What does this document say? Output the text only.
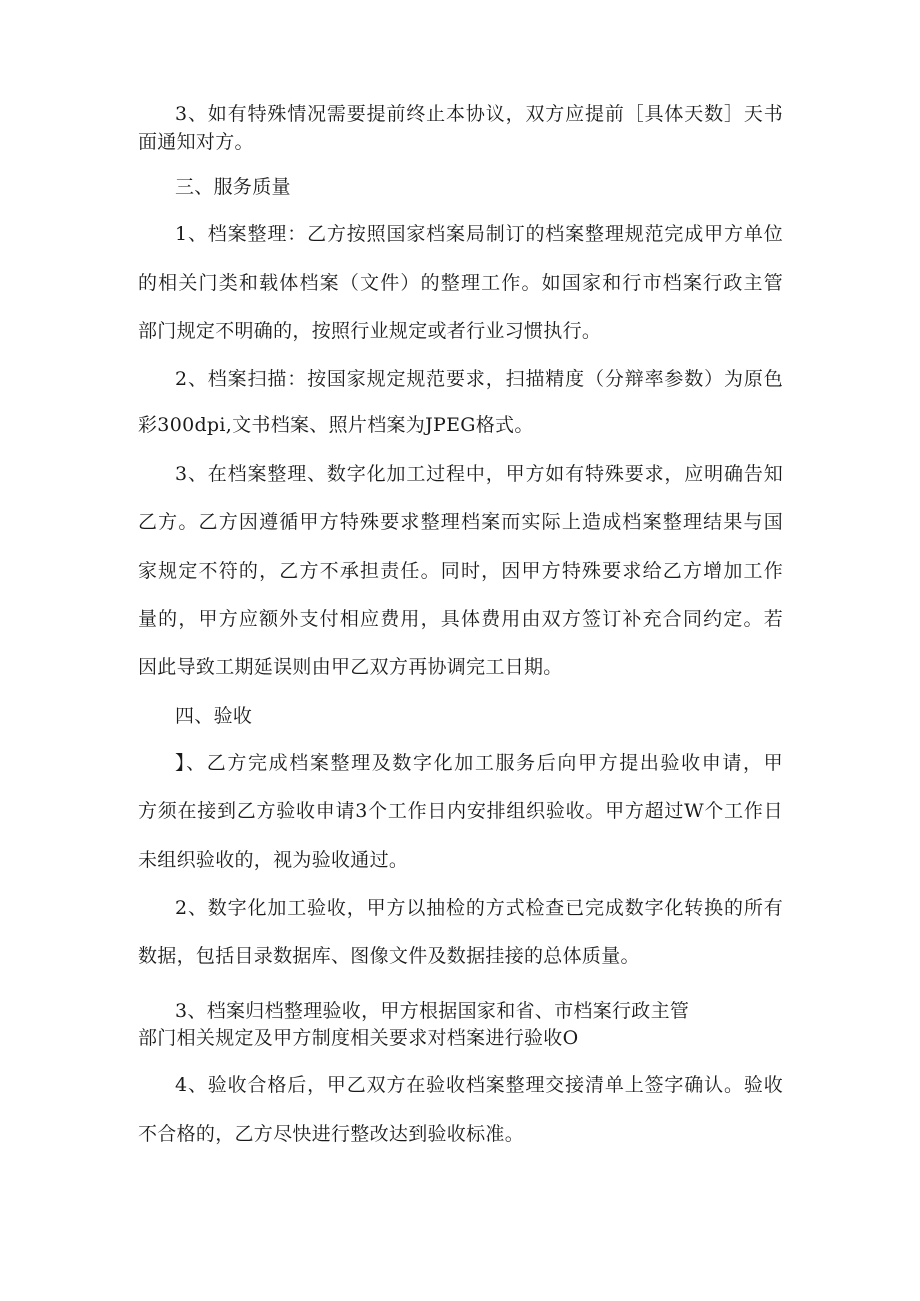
3、如有特殊情况需要提前终止本协议，双方应提前［具体天数］天书
面通知对方。
三、服务质量
1、档案整理：乙方按照国家档案局制订的档案整理规范完成甲方单位
的相关门类和载体档案（文件）的整理工作。如国家和行市档案行政主管
部门规定不明确的，按照行业规定或者行业习惯执行。
2、档案扫描：按国家规定规范要求，扫描精度（分辩率参数）为原色
彩300dpi,文书档案、照片档案为JPEG格式。
3、在档案整理、数字化加工过程中，甲方如有特殊要求，应明确告知
乙方。乙方因遵循甲方特殊要求整理档案而实际上造成档案整理结果与国
家规定不符的，乙方不承担责任。同时，因甲方特殊要求给乙方增加工作
量的，甲方应额外支付相应费用，具体费用由双方签订补充合同约定。若
因此导致工期延误则由甲乙双方再协调完工日期。
四、验收
】、乙方完成档案整理及数字化加工服务后向甲方提出验收申请，甲
方须在接到乙方验收申请3个工作日内安排组织验收。甲方超过W个工作日
未组织验收的，视为验收通过。
2、数字化加工验收，甲方以抽检的方式检查已完成数字化转换的所有
数据，包括目录数据库、图像文件及数据挂接的总体质量。
3、档案归档整理验收，甲方根据国家和省、市档案行政主管
部门相关规定及甲方制度相关要求对档案进行验收O
4、验收合格后，甲乙双方在验收档案整理交接清单上签字确认。验收
不合格的，乙方尽快进行整改达到验收标准。
